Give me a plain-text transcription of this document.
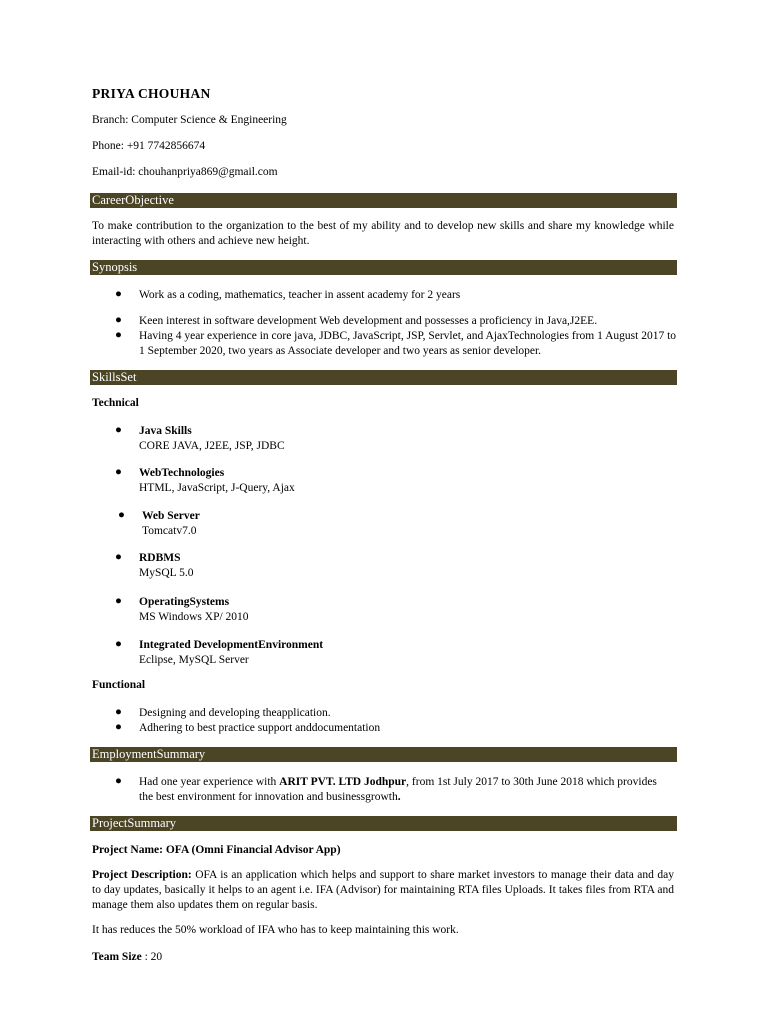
PRIYA CHOUHAN
Branch: Computer Science & Engineering
Phone: +91 7742856674
Email-id: chouhanpriya869@gmail.com
CareerObjective
To make contribution to the organization to the best of my ability and to develop new skills and share my knowledge while interacting with others and achieve new height.
Synopsis
● Work as a coding, mathematics, teacher in assent academy for 2 years
● Keen interest in software development Web development and possesses a proficiency in Java,J2EE.
● Having 4 year experience in core java, JDBC, JavaScript, JSP, Servlet, and AjaxTechnologies from 1 August 2017 to 1 September 2020, two years as Associate developer and two years as senior developer.
SkillsSet
Technical
● Java Skills
CORE JAVA, J2EE, JSP, JDBC
● WebTechnologies
HTML, JavaScript, J-Query, Ajax
● Web Server
Tomcatv7.0
● RDBMS
MySQL 5.0
● OperatingSystems
MS Windows XP/ 2010
● Integrated DevelopmentEnvironment
Eclipse, MySQL Server
Functional
● Designing and developing theapplication.
● Adhering to best practice support anddocumentation
EmploymentSummary
● Had one year experience with ARIT PVT. LTD Jodhpur, from 1st July 2017 to 30th June 2018 which provides the best environment for innovation and businessgrowth.
ProjectSummary
Project Name: OFA (Omni Financial Advisor App)
Project Description: OFA is an application which helps and support to share market investors to manage their data and day to day updates, basically it helps to an agent i.e. IFA (Advisor) for maintaining RTA files Uploads. It takes files from RTA and manage them also updates them on regular basis.
It has reduces the 50% workload of IFA who has to keep maintaining this work.
Team Size : 20
